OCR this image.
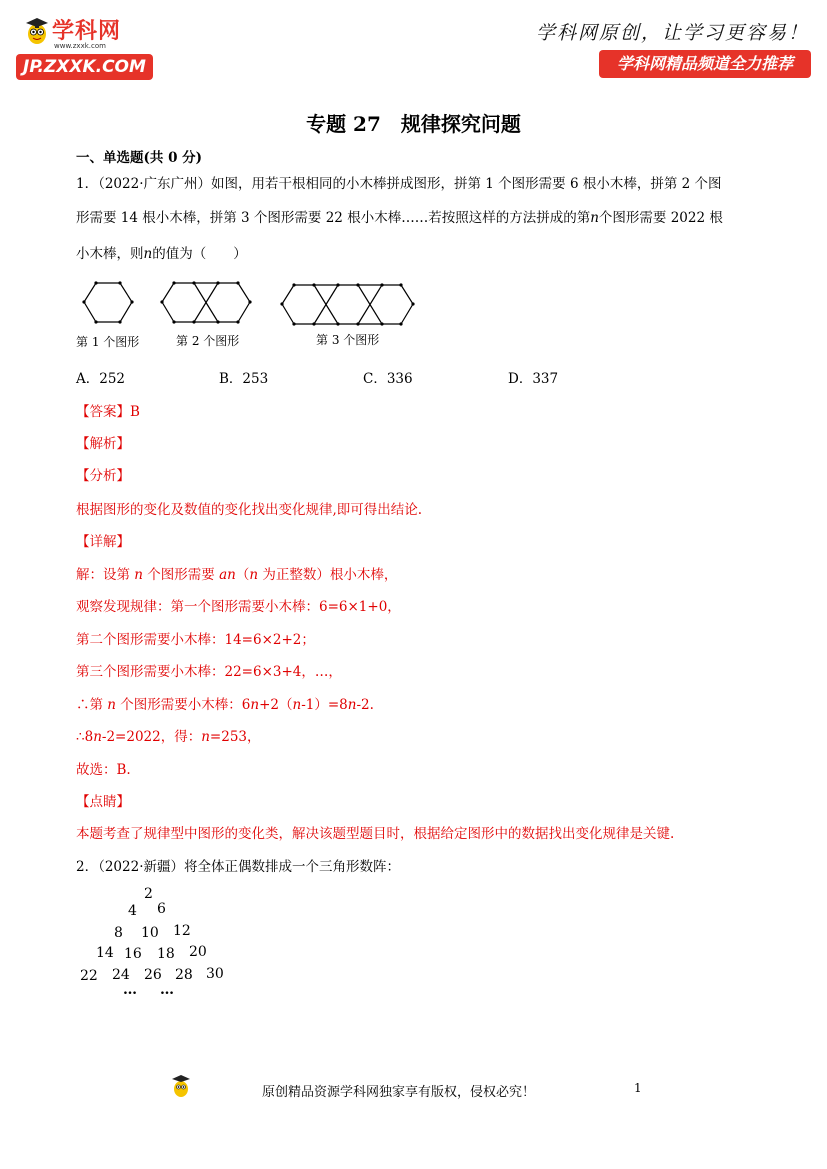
学科网
www.zxxk.com
JP.ZXXK.COM
学科网原创，让学习更容易！
学科网精品频道全力推荐
专题 27　规律探究问题
一、单选题(共 0 分)
1．（2022·广东广州）如图，用若干根相同的小木棒拼成图形，拼第 1 个图形需要 6 根小木棒，拼第 2 个图
形需要 14 根小木棒，拼第 3 个图形需要 22 根小木棒……若按照这样的方法拼成的第n个图形需要 2022 根
小木棒，则n的值为（　　）
第 1 个图形	第 2 个图形	第 3 个图形
A．252	B．253	C．336	D．337
【答案】B
【解析】
【分析】
根据图形的变化及数值的变化找出变化规律,即可得出结论.
【详解】
解：设第 n 个图形需要 an（n 为正整数）根小木棒，
观察发现规律：第一个图形需要小木棒：6=6×1+0，
第二个图形需要小木棒：14=6×2+2；
第三个图形需要小木棒：22=6×3+4，…，
∴第 n 个图形需要小木棒：6n+2（n-1）=8n-2.
∴8n-2=2022，得：n=253，
故选：B.
【点睛】
本题考查了规律型中图形的变化类，解决该题型题目时，根据给定图形中的数据找出变化规律是关键.
2．（2022·新疆）将全体正偶数排成一个三角形数阵：
2
4 6
8 10 12
14 16 18 20
22 24 26 28 30
… …
原创精品资源学科网独家享有版权，侵权必究！	1
